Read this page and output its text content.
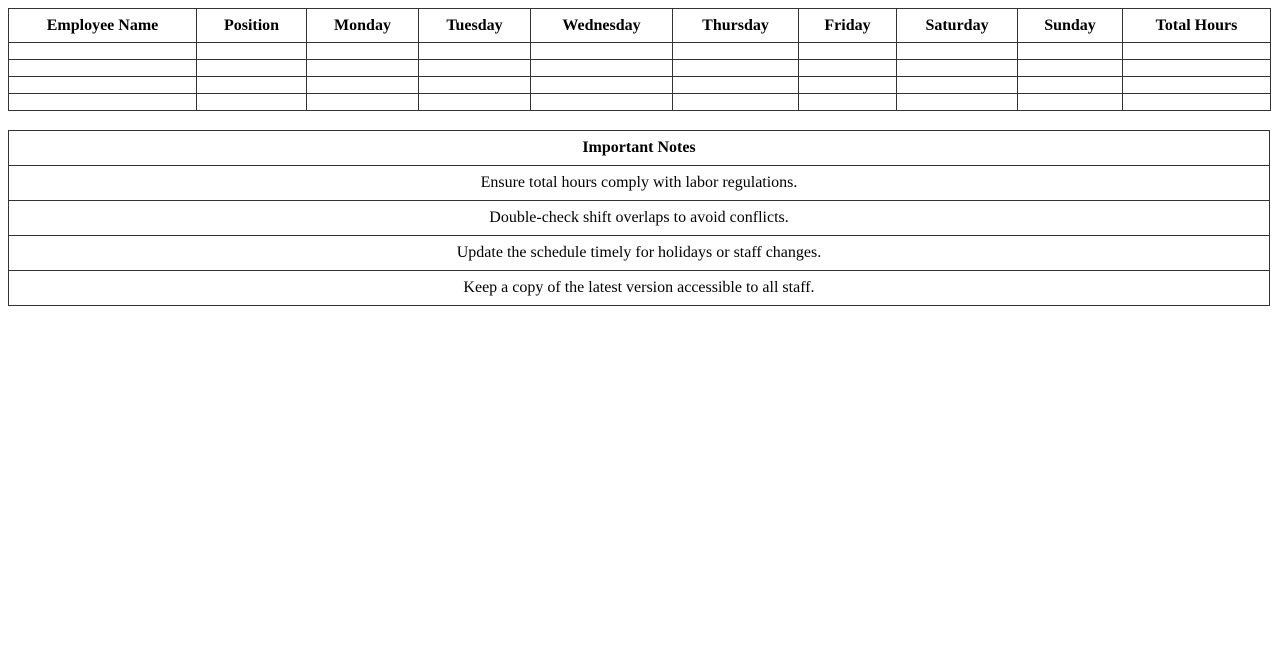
Employee Name	Position	Monday	Tuesday	Wednesday	Thursday	Friday	Saturday	Sunday	Total Hours

Important Notes
Ensure total hours comply with labor regulations.
Double-check shift overlaps to avoid conflicts.
Update the schedule timely for holidays or staff changes.
Keep a copy of the latest version accessible to all staff.
